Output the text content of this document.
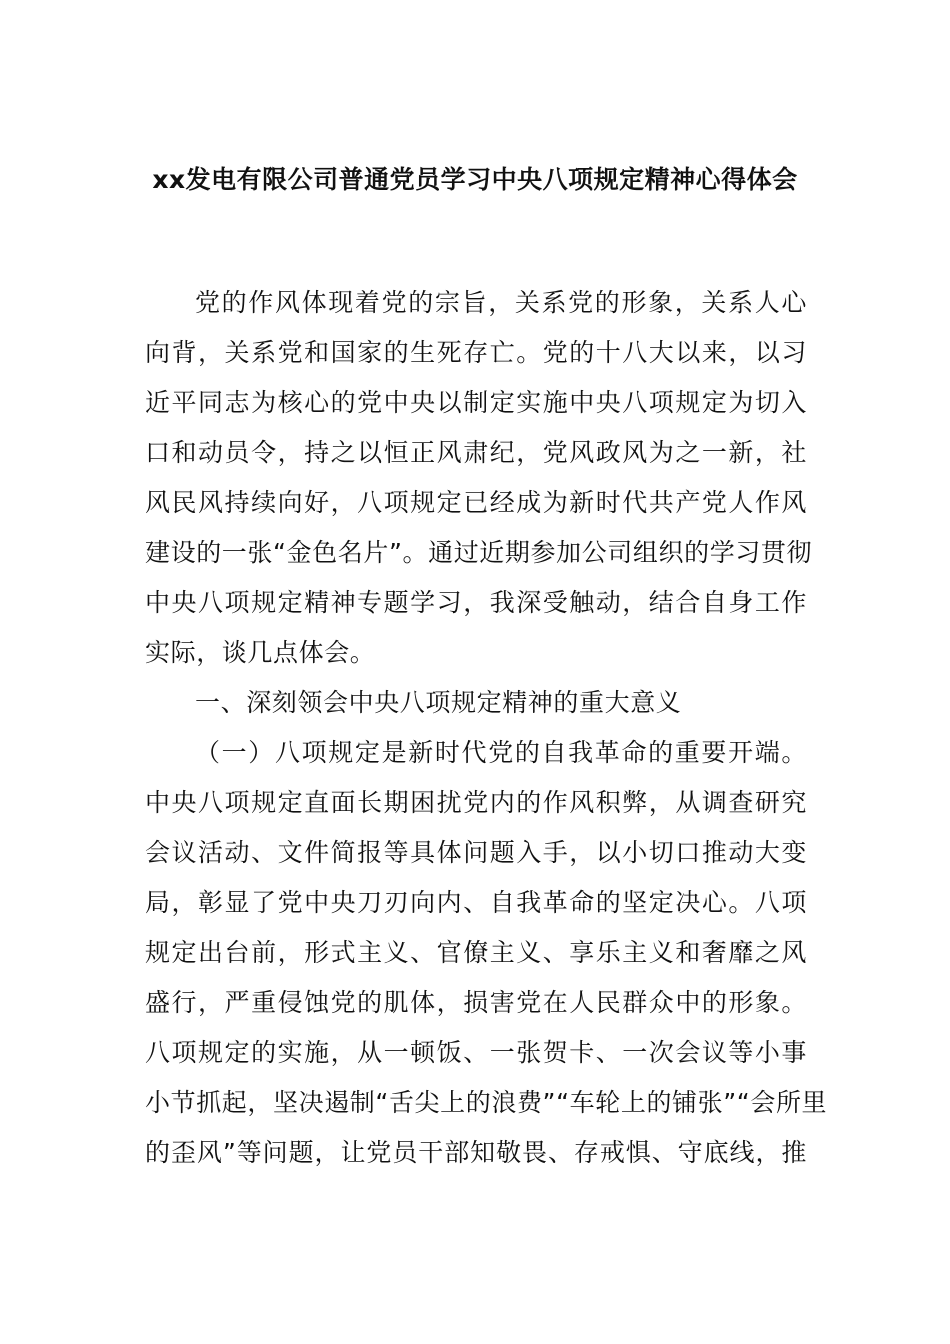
xx发电有限公司普通党员学习中央八项规定精神心得体会
党的作风体现着党的宗旨，关系党的形象，关系人心
向背，关系党和国家的生死存亡。党的十八大以来，以习
近平同志为核心的党中央以制定实施中央八项规定为切入
口和动员令，持之以恒正风肃纪，党风政风为之一新，社
风民风持续向好，八项规定已经成为新时代共产党人作风
建设的一张“金色名片”。通过近期参加公司组织的学习贯彻
中央八项规定精神专题学习，我深受触动，结合自身工作
实际，谈几点体会。
一、深刻领会中央八项规定精神的重大意义
（一）八项规定是新时代党的自我革命的重要开端。
中央八项规定直面长期困扰党内的作风积弊，从调查研究
会议活动、文件简报等具体问题入手，以小切口推动大变
局，彰显了党中央刀刃向内、自我革命的坚定决心。八项
规定出台前，形式主义、官僚主义、享乐主义和奢靡之风
盛行，严重侵蚀党的肌体，损害党在人民群众中的形象。
八项规定的实施，从一顿饭、一张贺卡、一次会议等小事
小节抓起，坚决遏制“舌尖上的浪费”“车轮上的铺张”“会所里
的歪风”等问题，让党员干部知敬畏、存戒惧、守底线，推
